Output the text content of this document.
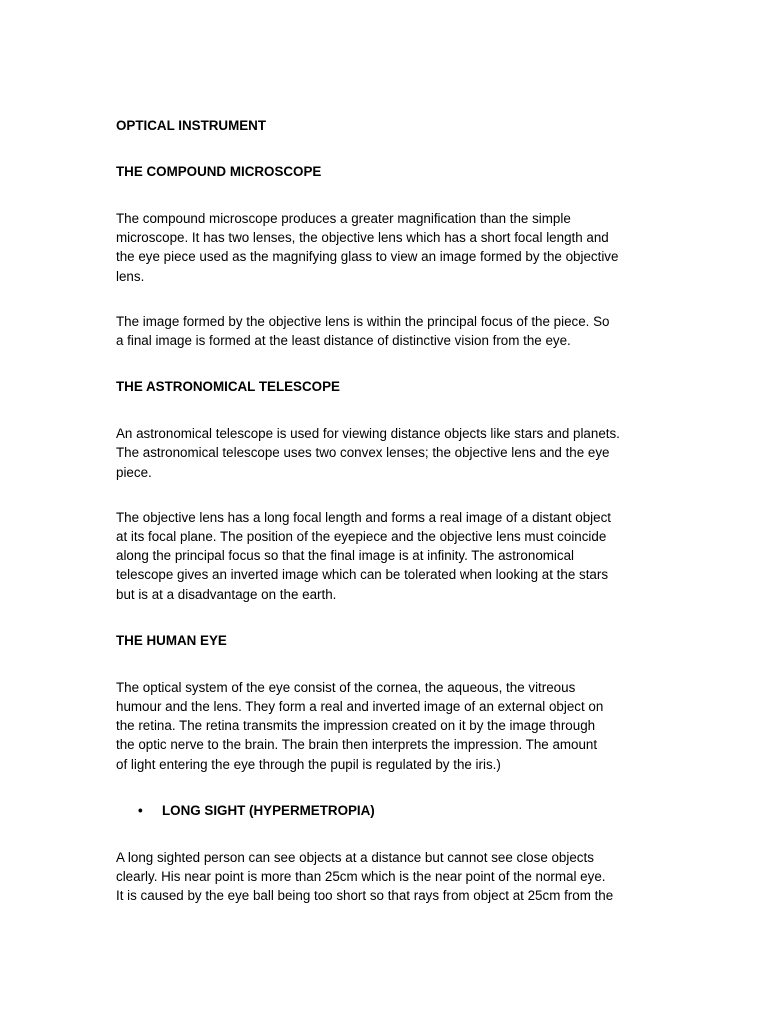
OPTICAL INSTRUMENT

THE COMPOUND MICROSCOPE

The compound microscope produces a greater magnification than the simple
microscope. It has two lenses, the objective lens which has a short focal length and
the eye piece used as the magnifying glass to view an image formed by the objective
lens.

The image formed by the objective lens is within the principal focus of the piece. So
a final image is formed at the least distance of distinctive vision from the eye.

THE ASTRONOMICAL TELESCOPE

An astronomical telescope is used for viewing distance objects like stars and planets.
The astronomical telescope uses two convex lenses; the objective lens and the eye
piece.

The objective lens has a long focal length and forms a real image of a distant object
at its focal plane. The position of the eyepiece and the objective lens must coincide
along the principal focus so that the final image is at infinity. The astronomical
telescope gives an inverted image which can be tolerated when looking at the stars
but is at a disadvantage on the earth.

THE HUMAN EYE

The optical system of the eye consist of the cornea, the aqueous, the vitreous
humour and the lens. They form a real and inverted image of an external object on
the retina. The retina transmits the impression created on it by the image through
the optic nerve to the brain. The brain then interprets the impression. The amount
of light entering the eye through the pupil is regulated by the iris.)

• LONG SIGHT (HYPERMETROPIA)

A long sighted person can see objects at a distance but cannot see close objects
clearly. His near point is more than 25cm which is the near point of the normal eye.
It is caused by the eye ball being too short so that rays from object at 25cm from the
